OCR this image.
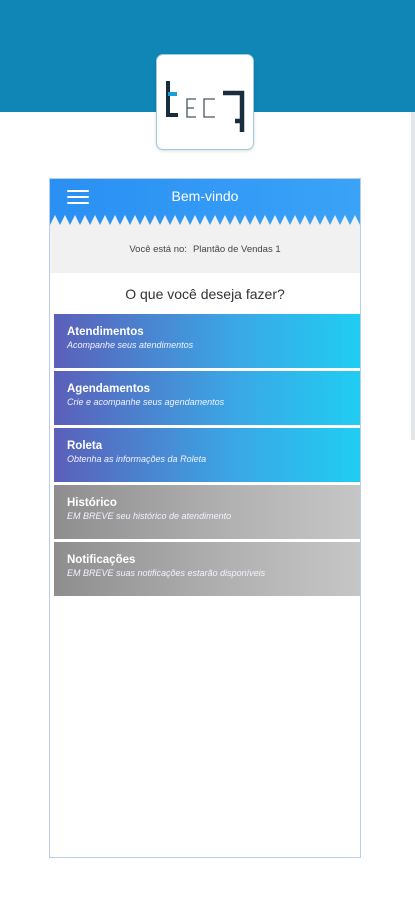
Bem-vindo
Você está no: Plantão de Vendas 1
O que você deseja fazer?
Atendimentos
Acompanhe seus atendimentos
Agendamentos
Crie e acompanhe seus agendamentos
Roleta
Obtenha as informações da Roleta
Histórico
EM BREVE seu histórico de atendimento
Notificações
EM BREVE suas notificações estarão disponíveis
